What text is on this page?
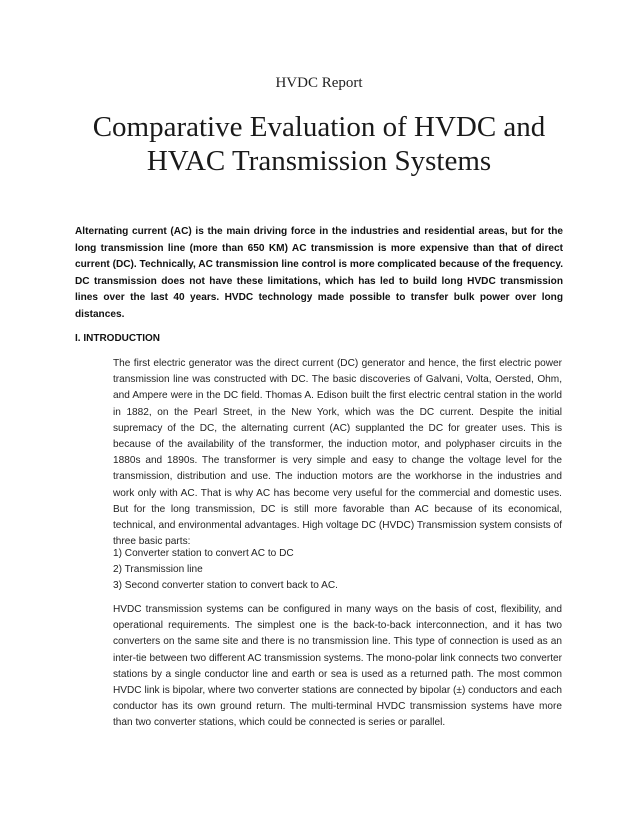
HVDC Report
Comparative Evaluation of HVDC and
HVAC Transmission Systems

Alternating current (AC) is the main driving force in the industries and residential areas, but for the long transmission line (more than 650 KM) AC transmission is more expensive than that of direct current (DC). Technically, AC transmission line control is more complicated because of the frequency. DC transmission does not have these limitations, which has led to build long HVDC transmission lines over the last 40 years. HVDC technology made possible to transfer bulk power over long distances.

I. INTRODUCTION

The first electric generator was the direct current (DC) generator and hence, the first electric power transmission line was constructed with DC. The basic discoveries of Galvani, Volta, Oersted, Ohm, and Ampere were in the DC field. Thomas A. Edison built the first electric central station in the world in 1882, on the Pearl Street, in the New York, which was the DC current. Despite the initial supremacy of the DC, the alternating current (AC) supplanted the DC for greater uses. This is because of the availability of the transformer, the induction motor, and polyphaser circuits in the 1880s and 1890s. The transformer is very simple and easy to change the voltage level for the transmission, distribution and use. The induction motors are the workhorse in the industries and work only with AC. That is why AC has become very useful for the commercial and domestic uses. But for the long transmission, DC is still more favorable than AC because of its economical, technical, and environmental advantages. High voltage DC (HVDC) Transmission system consists of three basic parts:

1) Converter station to convert AC to DC
2) Transmission line
3) Second converter station to convert back to AC.

HVDC transmission systems can be configured in many ways on the basis of cost, flexibility, and operational requirements. The simplest one is the back-to-back interconnection, and it has two converters on the same site and there is no transmission line. This type of connection is used as an inter-tie between two different AC transmission systems. The mono-polar link connects two converter stations by a single conductor line and earth or sea is used as a returned path. The most common HVDC link is bipolar, where two converter stations are connected by bipolar (±) conductors and each conductor has its own ground return. The multi-terminal HVDC transmission systems have more than two converter stations, which could be connected is series or parallel.
